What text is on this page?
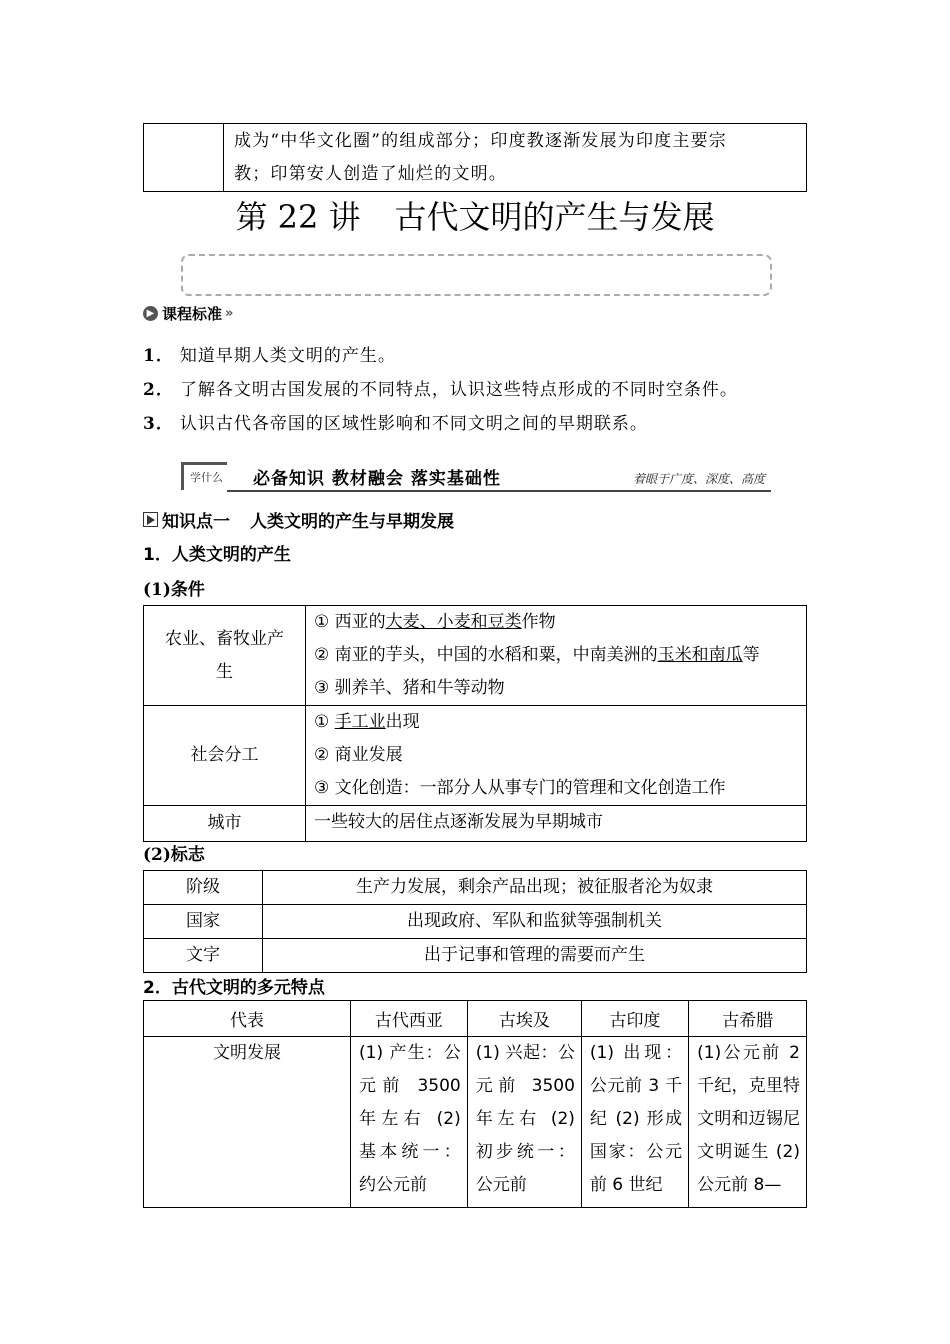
成为“中华文化圈”的组成部分；印度教逐渐发展为印度主要宗
教；印第安人创造了灿烂的文明。
第 22 讲 古代文明的产生与发展
▶ 课程标准 »
1． 知道早期人类文明的产生。
2． 了解各文明古国发展的不同特点，认识这些特点形成的不同时空条件。
3． 认识古代各帝国的区域性影响和不同文明之间的早期联系。
学什么 必备知识 教材融会 落实基础性	着眼于广度、深度、高度
知识点一 人类文明的产生与早期发展
1．人类文明的产生
(1)条件
农业、畜牧业产生	① 西亚的大麦、小麦和豆类作物
② 南亚的芋头，中国的水稻和粟，中南美洲的玉米和南瓜等
③ 驯养羊、猪和牛等动物

社会分工	① 手工业出现
② 商业发展
③ 文化创造：一部分人从事专门的管理和文化创造工作

城市	一些较大的居住点逐渐发展为早期城市
(2)标志
阶级	生产力发展，剩余产品出现；被征服者沦为奴隶
国家	出现政府、军队和监狱等强制机关
文字	出于记事和管理的需要而产生
2．古代文明的多元特点
代表	古代西亚	古埃及	古印度	古希腊
文明发展	(1) 产生：公元前 3500 年左右 (2) 基本统一：约公元前	(1) 兴起：公元前 3500 年左右 (2) 初步统一：公元前	(1) 出现：公元前 3 千纪 (2) 形成国家：公元前 6 世纪	(1)公元前 2 千纪，克里特文明和迈锡尼文明诞生 (2)公元前 8—
